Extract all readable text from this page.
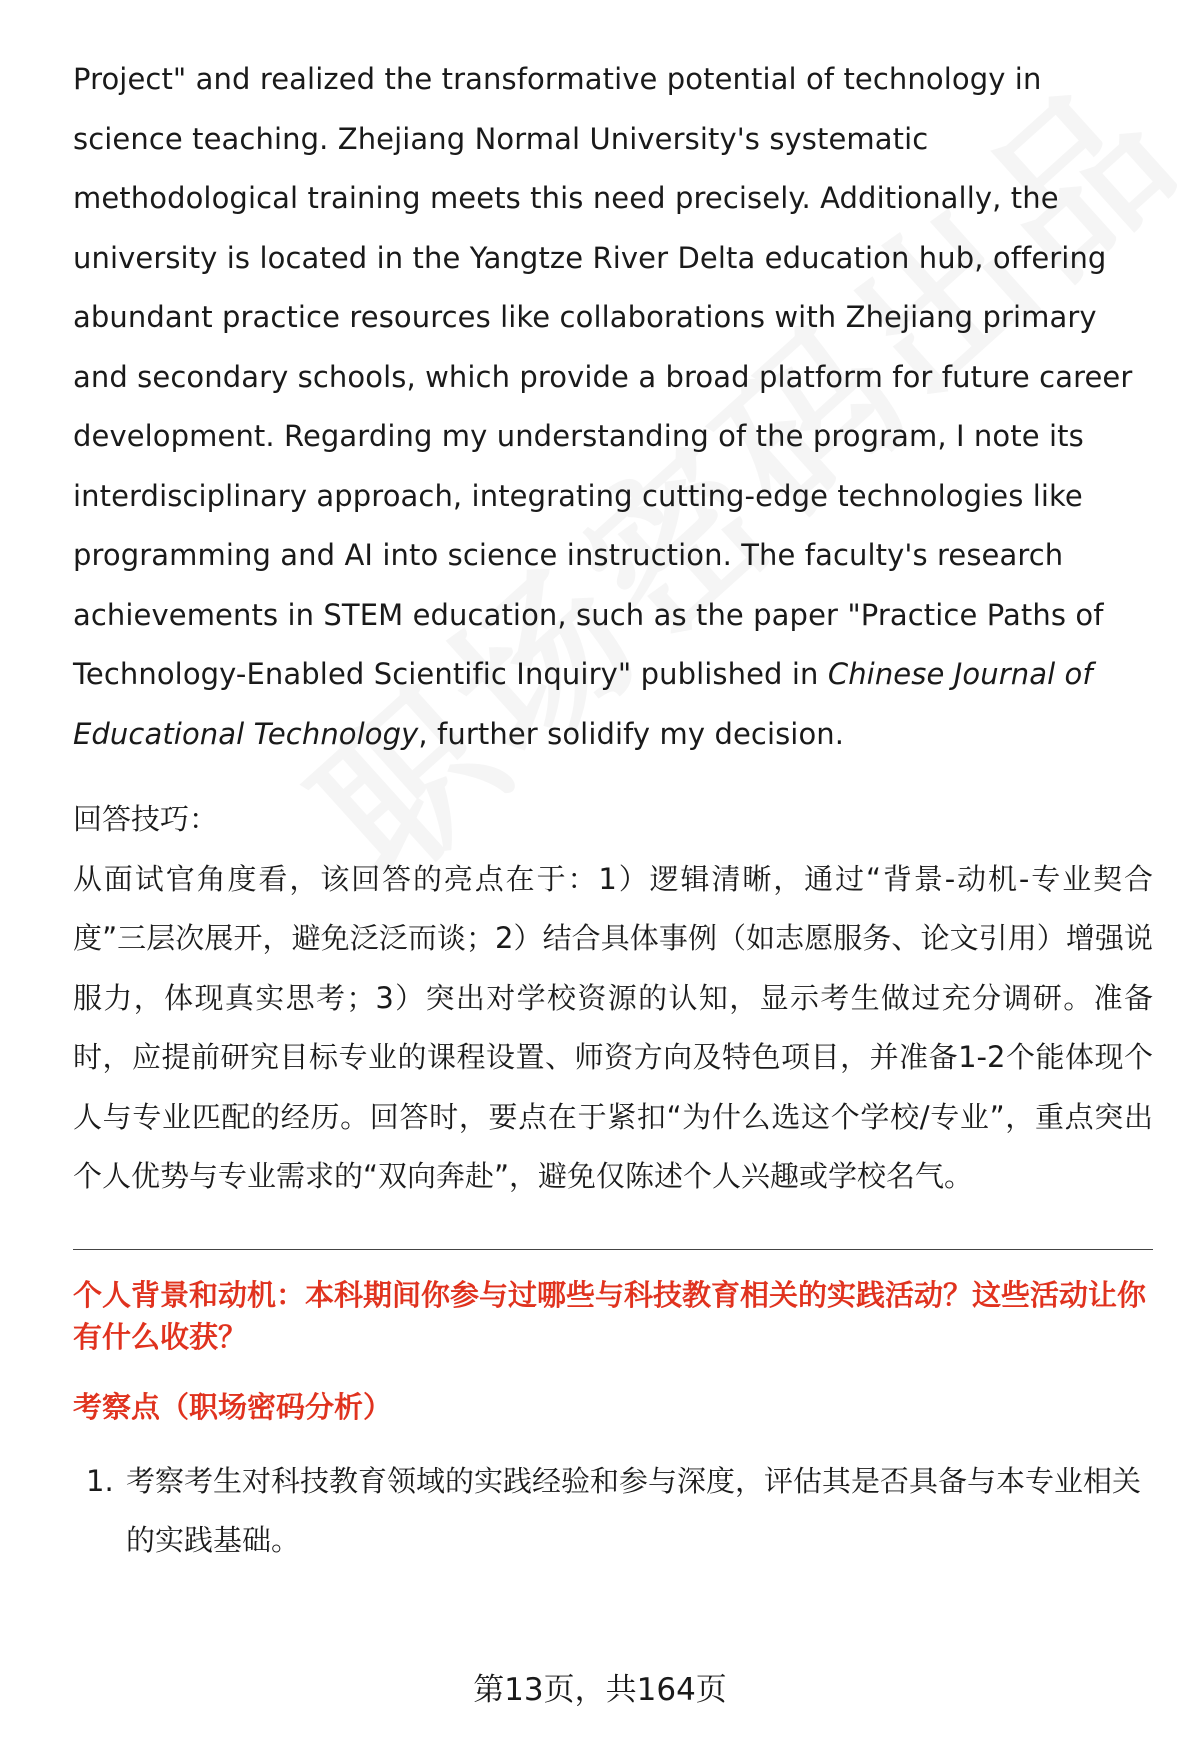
Project" and realized the transformative potential of technology in science teaching. Zhejiang Normal University's systematic methodological training meets this need precisely. Additionally, the university is located in the Yangtze River Delta education hub, offering abundant practice resources like collaborations with Zhejiang primary and secondary schools, which provide a broad platform for future career development. Regarding my understanding of the program, I note its interdisciplinary approach, integrating cutting-edge technologies like programming and AI into science instruction. The faculty's research achievements in STEM education, such as the paper "Practice Paths of Technology-Enabled Scientific Inquiry" published in Chinese Journal of Educational Technology, further solidify my decision.

回答技巧：
从面试官角度看，该回答的亮点在于：1）逻辑清晰，通过“背景-动机-专业契合度”三层次展开，避免泛泛而谈；2）结合具体事例（如志愿服务、论文引用）增强说服力，体现真实思考；3）突出对学校资源的认知，显示考生做过充分调研。准备时，应提前研究目标专业的课程设置、师资方向及特色项目，并准备1-2个能体现个人与专业匹配的经历。回答时，要点在于紧扣“为什么选这个学校/专业”，重点突出个人优势与专业需求的“双向奔赴”，避免仅陈述个人兴趣或学校名气。
个人背景和动机：本科期间你参与过哪些与科技教育相关的实践活动？这些活动让你有什么收获？
考察点（职场密码分析）
1. 考察考生对科技教育领域的实践经验和参与深度，评估其是否具备与本专业相关的实践基础。
第13页，共164页
